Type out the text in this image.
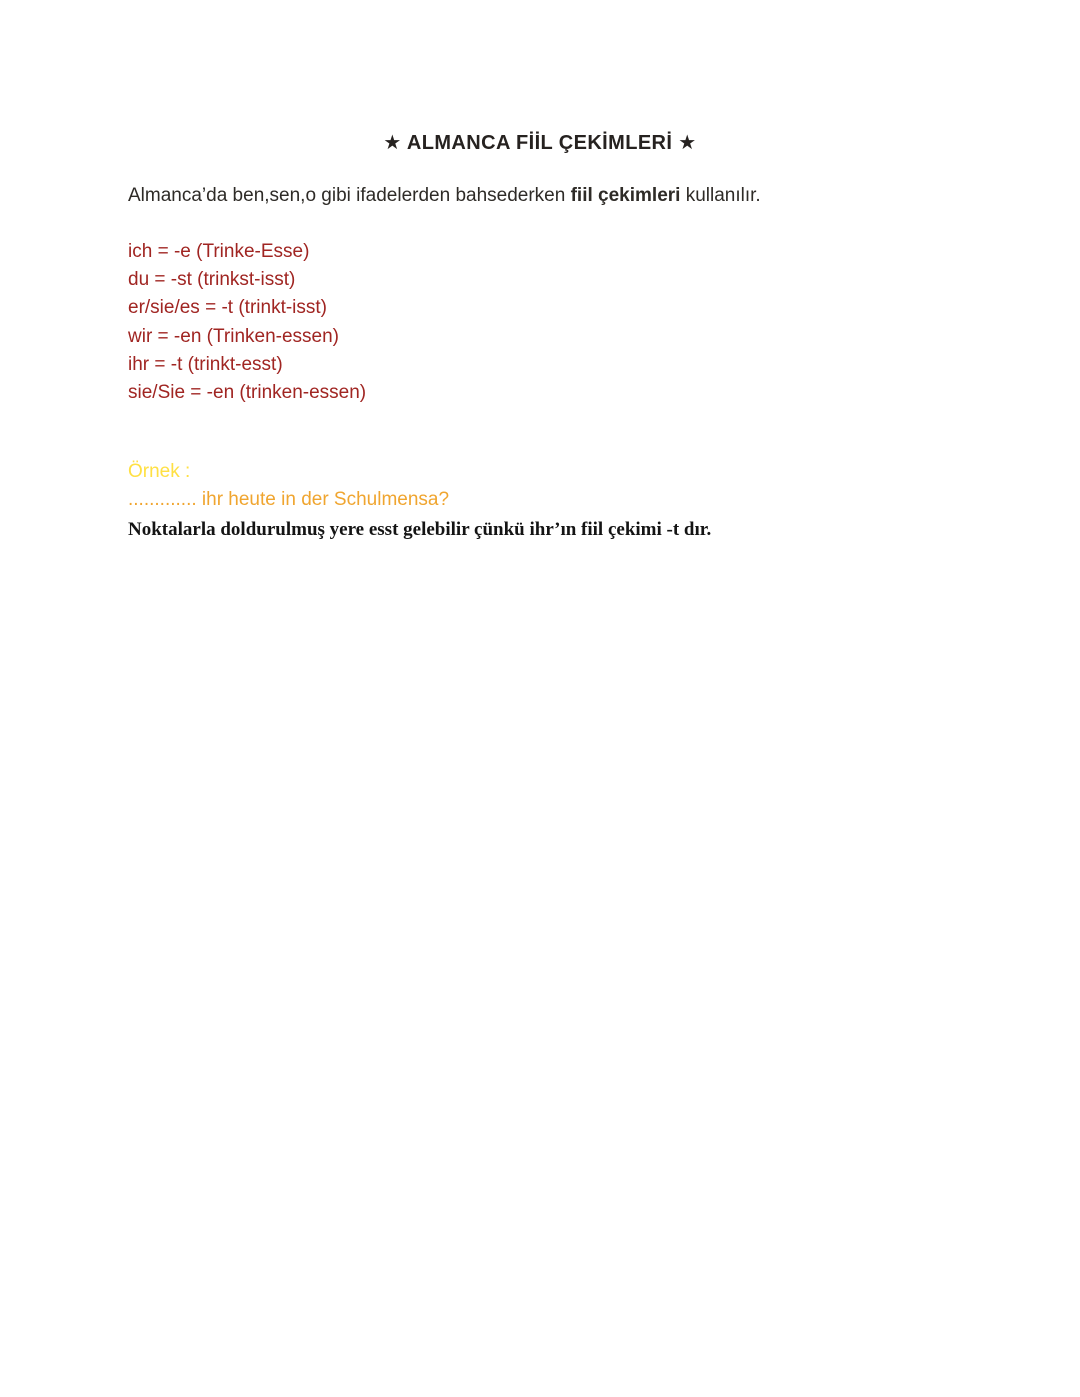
★ ALMANCA FİİL ÇEKİMLERİ ★

Almanca’da ben,sen,o gibi ifadelerden bahsederken fiil çekimleri kullanılır.

ich = -e (Trinke-Esse)
du = -st (trinkst-isst)
er/sie/es = -t (trinkt-isst)
wir = -en (Trinken-essen)
ihr = -t (trinkt-esst)
sie/Sie = -en (trinken-essen)
Örnek :
............. ihr heute in der Schulmensa?
Noktalarla doldurulmuş yere esst gelebilir çünkü ihr’ın fiil çekimi -t dır.
